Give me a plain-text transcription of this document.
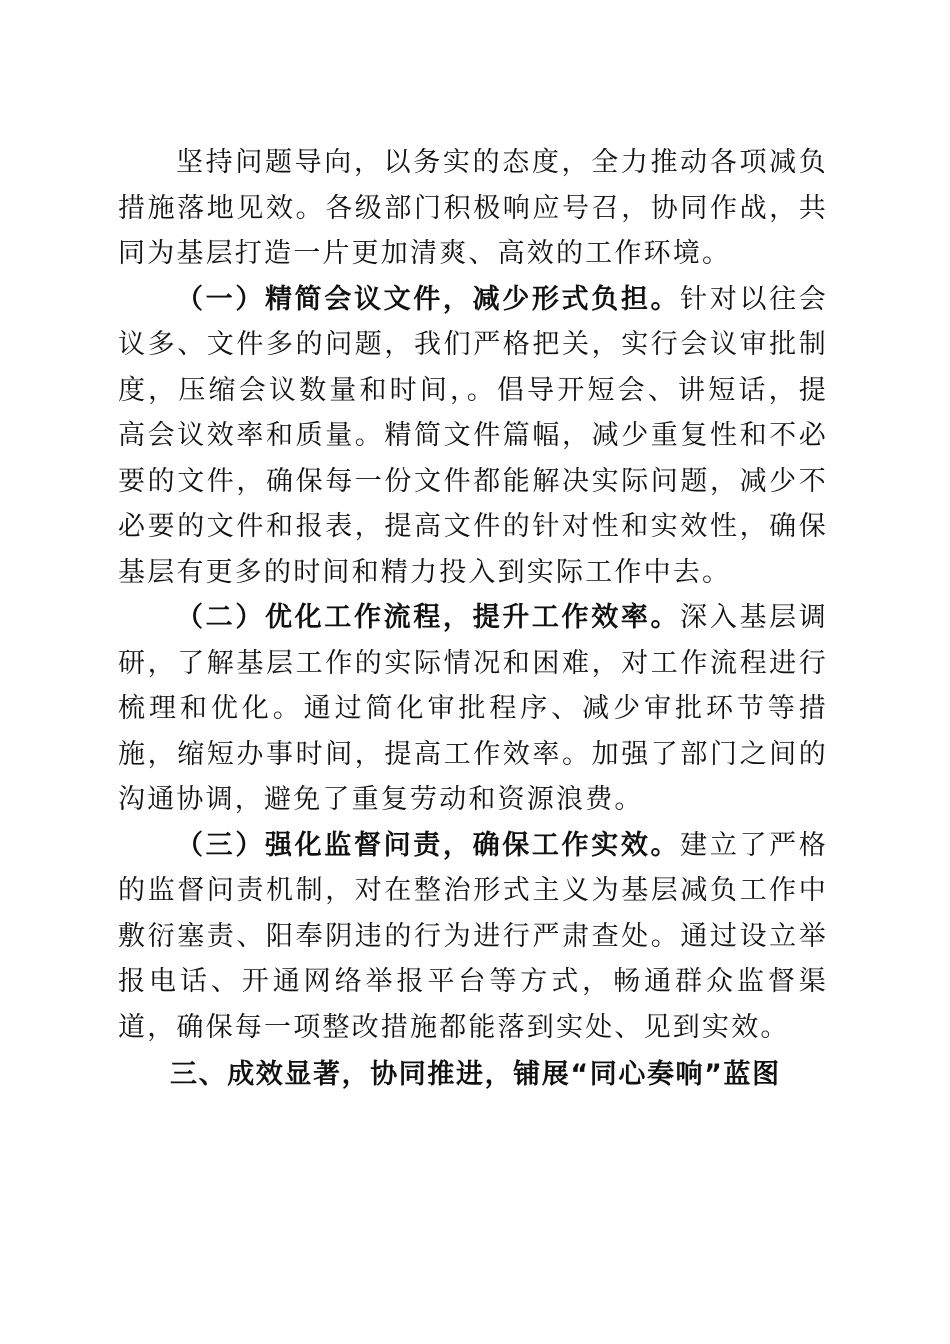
坚持问题导向，以务实的态度，全力推动各项减负措施落地见效。各级部门积极响应号召，协同作战，共同为基层打造一片更加清爽、高效的工作环境。

（一）精简会议文件，减少形式负担。针对以往会议多、文件多的问题，我们严格把关，实行会议审批制度，压缩会议数量和时间，。倡导开短会、讲短话，提高会议效率和质量。精简文件篇幅，减少重复性和不必要的文件，确保每一份文件都能解决实际问题，减少不必要的文件和报表，提高文件的针对性和实效性，确保基层有更多的时间和精力投入到实际工作中去。

（二）优化工作流程，提升工作效率。深入基层调研，了解基层工作的实际情况和困难，对工作流程进行梳理和优化。通过简化审批程序、减少审批环节等措施，缩短办事时间，提高工作效率。加强了部门之间的沟通协调，避免了重复劳动和资源浪费。

（三）强化监督问责，确保工作实效。建立了严格的监督问责机制，对在整治形式主义为基层减负工作中敷衍塞责、阳奉阴违的行为进行严肃查处。通过设立举报电话、开通网络举报平台等方式，畅通群众监督渠道，确保每一项整改措施都能落到实处、见到实效。

三、成效显著，协同推进，铺展“同心奏响”蓝图
